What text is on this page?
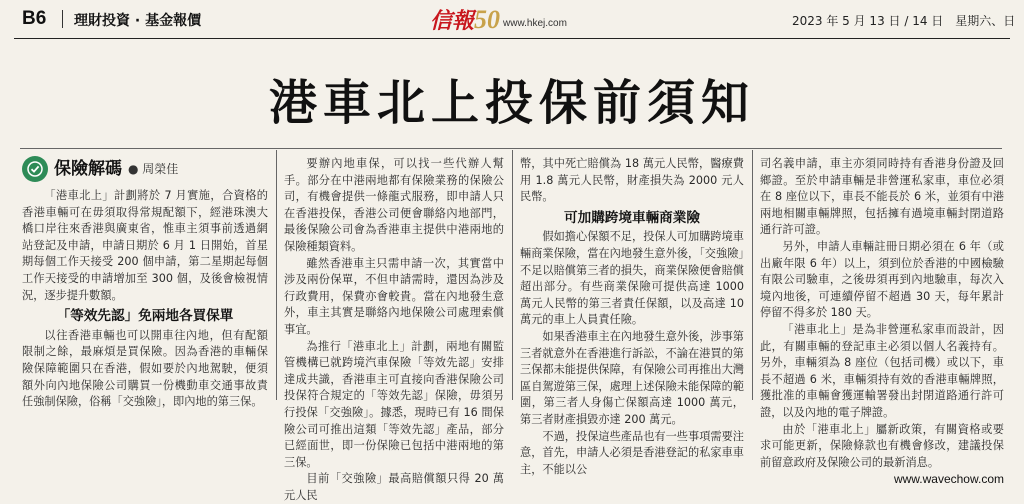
B6 理財投資 · 基金報價	信報50 www.hkej.com	2023 年 5 月 13 日 / 14 日　星期六、日
港車北上投保前須知
保險解碼 ● 周榮佳

「港車北上」計劃將於 7 月實施，合資格的香港車輛可在毋須取得常規配額下，經港珠澳大橋口岸往來香港與廣東省，惟車主須事前透過網站登記及申請，申請日期於 6 月 1 日開始，首星期每個工作天接受 200 個申請，第二星期起每個工作天接受的申請增加至 300 個，及後會檢視情況，逐步提升數額。

「等效先認」免兩地各買保單

以往香港車輛也可以開車往內地，但有配額限制之餘，最麻煩是買保險。因為香港的車輛保險保障範圍只在香港，假如要於內地駕駛，便須額外向內地保險公司購買一份機動車交通事故責任強制保險，俗稱「交強險」，即內地的第三保。

要辦內地車保，可以找一些代辦人幫手。部分在中港兩地都有保險業務的保險公司，有機會提供一條龍式服務，即申請人只在香港投保，香港公司便會聯絡內地部門，最後保險公司會為香港車主提供中港兩地的保險種類資料。

雖然香港車主只需申請一次，其實當中涉及兩份保單，不但申請需時，還因為涉及行政費用，保費亦會較貴。當在內地發生意外，車主其實是聯絡內地保險公司處理索償事宜。

為推行「港車北上」計劃，兩地有關監管機構已就跨境汽車保險「等效先認」安排達成共識，香港車主可直接向香港保險公司投保符合規定的「等效先認」保險，毋須另行投保「交強險」。據悉，現時已有 16 間保險公司可推出這類「等效先認」產品，部分已經面世，即一份保險已包括中港兩地的第三保。

目前「交強險」最高賠償額只得 20 萬元人民

幣，其中死亡賠償為 18 萬元人民幣，醫療費用 1.8 萬元人民幣，財產損失為 2000 元人民幣。

可加購跨境車輛商業險

假如擔心保額不足，投保人可加購跨境車輛商業保險，當在內地發生意外後，「交強險」不足以賠償第三者的損失，商業保險便會賠償超出部分。有些商業保險可提供高達 1000 萬元人民幣的第三者責任保額，以及高達 10 萬元的車上人員責任險。

如果香港車主在內地發生意外後，涉事第三者就意外在香港進行訴訟，不論在港買的第三保都未能提供保障，有保險公司再推出大灣區自駕遊第三保，處理上述保險未能保障的範圍，第三者人身傷亡保額高達 1000 萬元，第三者財產損毀亦達 200 萬元。

不過，投保這些產品也有一些事項需要注意，首先，申請人必須是香港登記的私家車車主，不能以公

司名義申請，車主亦須同時持有香港身份證及回鄉證。至於申請車輛是非營運私家車，車位必須在 8 座位以下，車長不能長於 6 米，並須有中港兩地相關車輛牌照，包括擁有過境車輛封閉道路通行許可證。

另外，申請人車輛註冊日期必須在 6 年（或出廠年限 6 年）以上，須到位於香港的中國檢驗有限公司驗車，之後毋須再到內地驗車，每次入境內地後，可連續停留不超過 30 天，每年累計停留不得多於 180 天。

「港車北上」是為非營運私家車而設計，因此，有關車輛的登記車主必須以個人名義持有。另外，車輛須為 8 座位（包括司機）或以下，車長不超過 6 米，車輛須持有效的香港車輛牌照，獲批准的車輛會獲運輸署發出封閉道路通行許可證，以及內地的電子牌證。

由於「港車北上」屬新政策，有關資格或要求可能更新，保險條款也有機會修改，建議投保前留意政府及保險公司的最新消息。

www.wavechow.com
